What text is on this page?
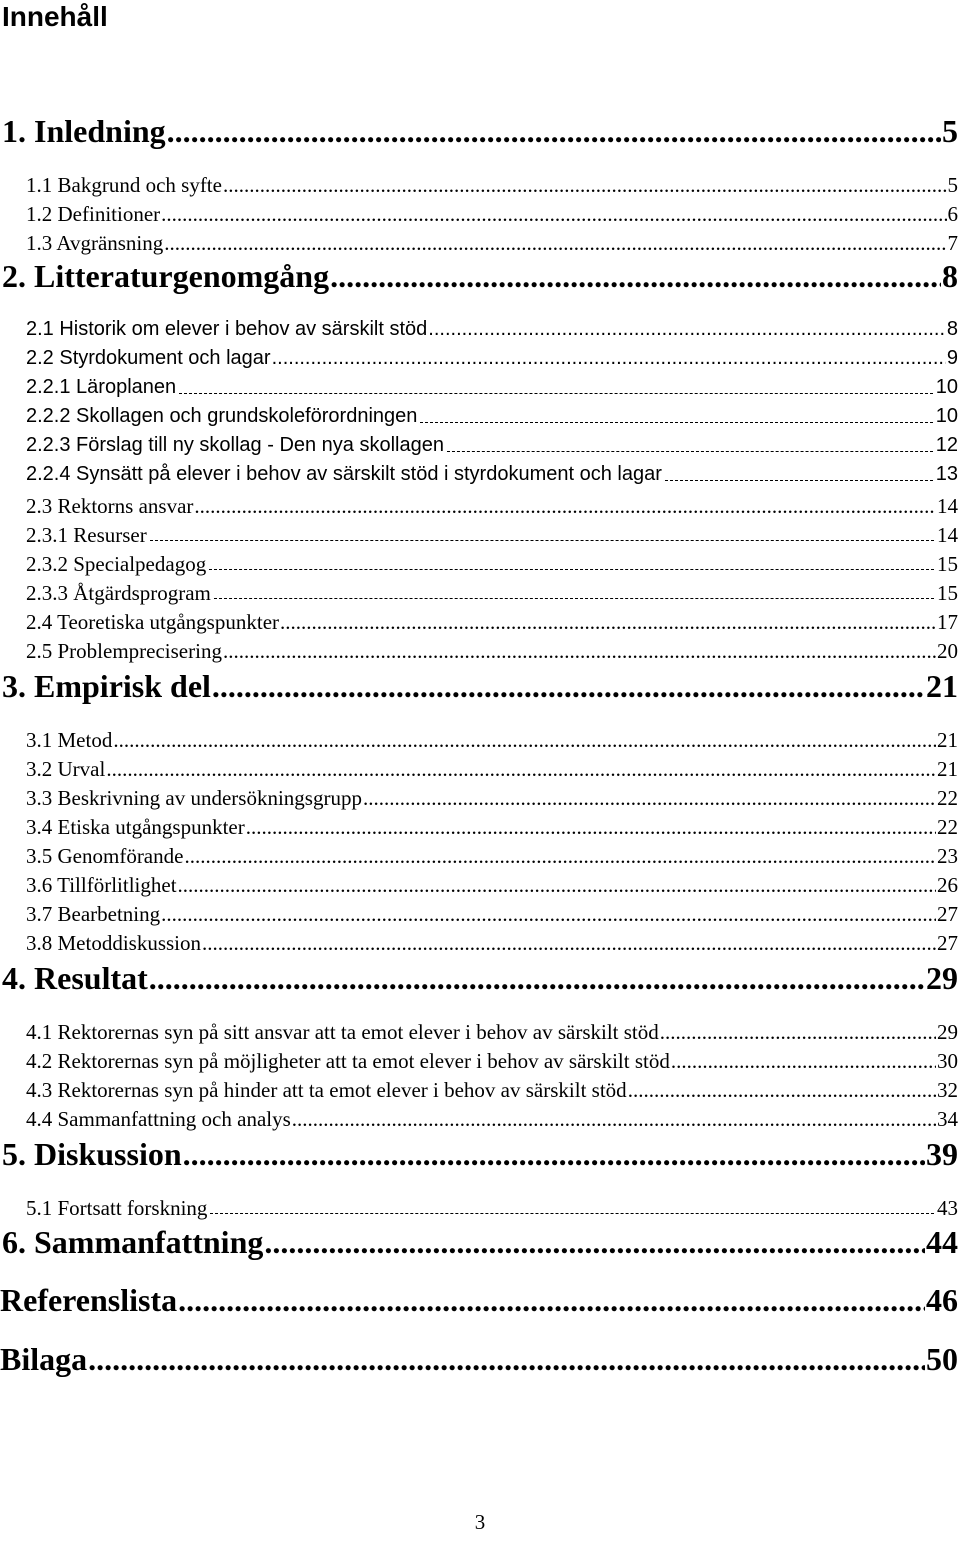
Innehåll
1. Inledning .....	5
1.1 Bakgrund och syfte .....	5
1.2 Definitioner .....	6
1.3 Avgränsning .....	7
2. Litteraturgenomgång .....	8
2.1 Historik om elever i behov av särskilt stöd .....	8
2.2 Styrdokument och lagar .....	9
2.2.1 Läroplanen	10
2.2.2 Skollagen och grundskoleförordningen	10
2.2.3 Förslag till ny skollag - Den nya skollagen	12
2.2.4 Synsätt på elever i behov av särskilt stöd i styrdokument och lagar	13
2.3 Rektorns ansvar .....	14
2.3.1 Resurser	14
2.3.2 Specialpedagog	15
2.3.3 Åtgärdsprogram	15
2.4 Teoretiska utgångspunkter .....	17
2.5 Problemprecisering .....	20
3. Empirisk del .....	21
3.1 Metod .....	21
3.2 Urval .....	21
3.3 Beskrivning av undersökningsgrupp .....	22
3.4 Etiska utgångspunkter .....	22
3.5 Genomförande .....	23
3.6 Tillförlitlighet .....	26
3.7 Bearbetning .....	27
3.8 Metoddiskussion .....	27
4. Resultat .....	29
4.1 Rektorernas syn på sitt ansvar att ta emot elever i behov av särskilt stöd .....	29
4.2 Rektorernas syn på möjligheter att ta emot elever i behov av särskilt stöd .....	30
4.3 Rektorernas syn på hinder att ta emot elever i behov av särskilt stöd .....	32
4.4 Sammanfattning och analys .....	34
5. Diskussion .....	39
5.1 Fortsatt forskning	43
6. Sammanfattning .....	44
Referenslista .....	46
Bilaga .....	50
3
